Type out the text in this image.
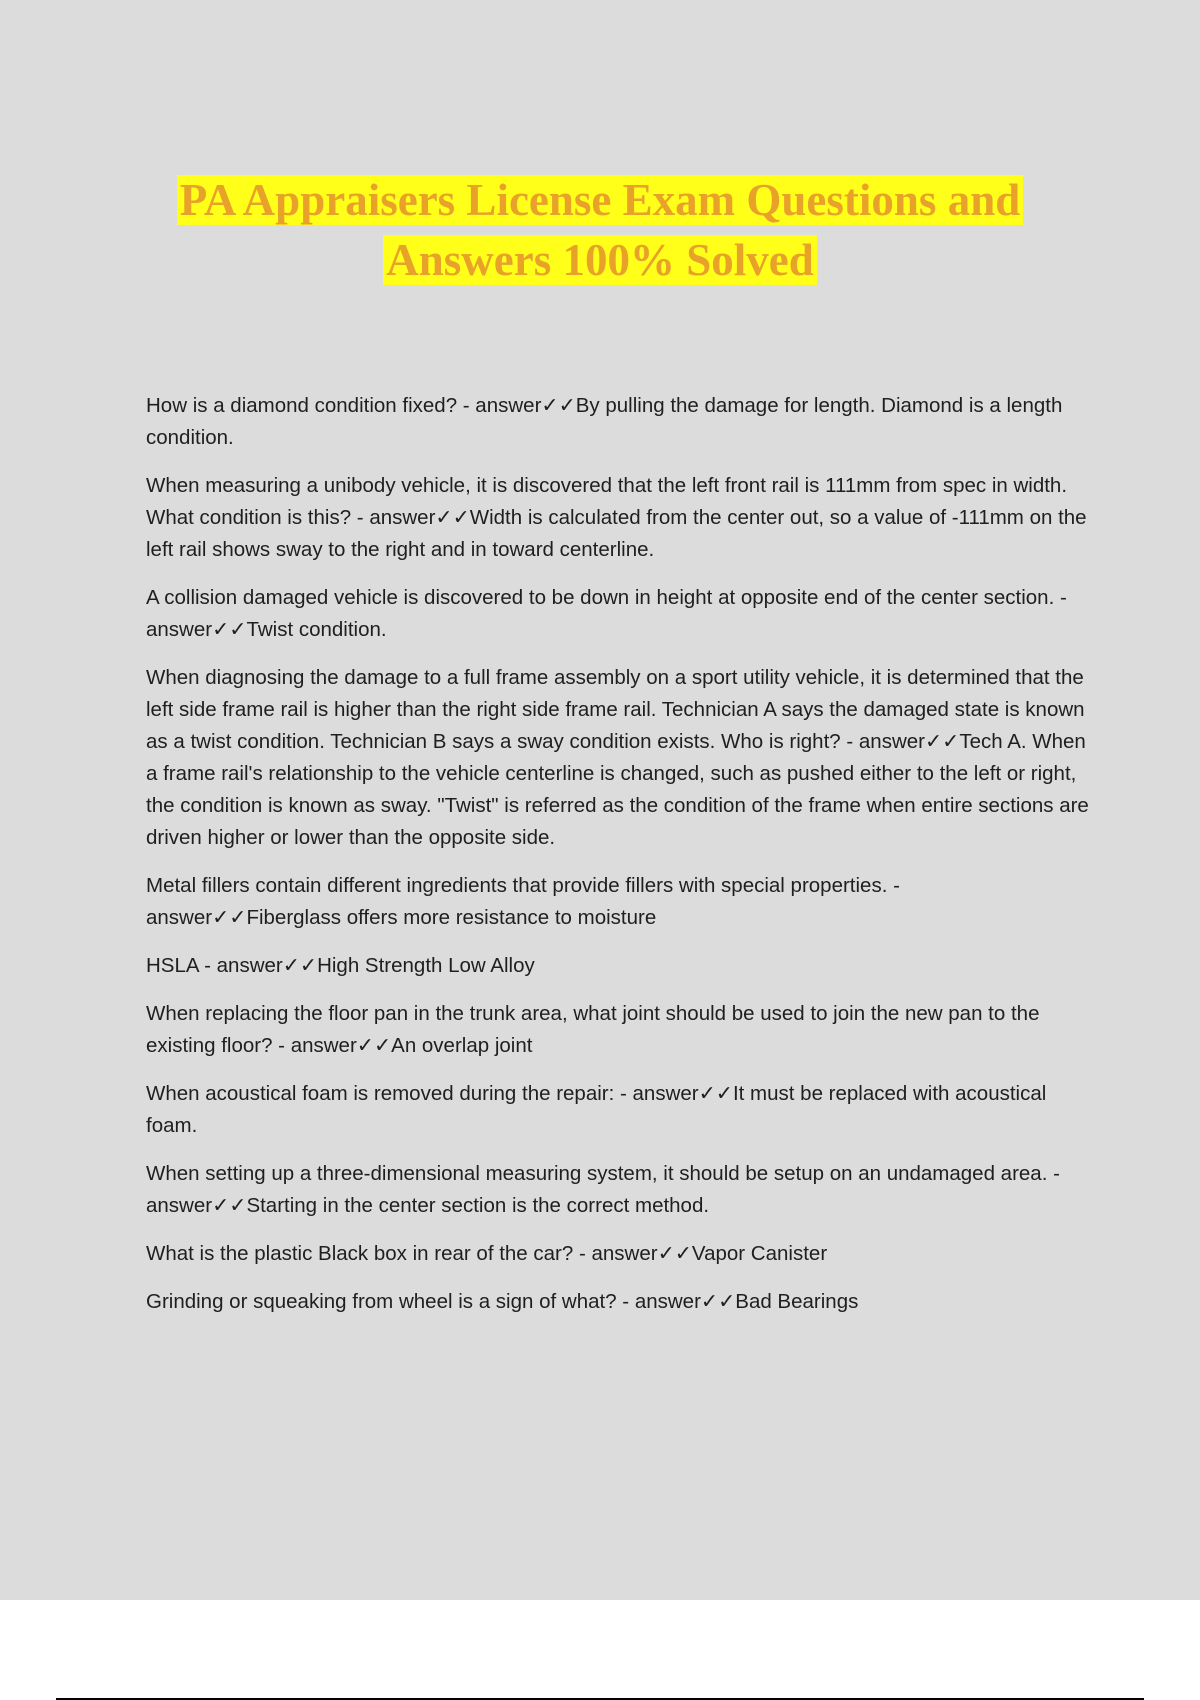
PA Appraisers License Exam Questions and
Answers 100% Solved

How is a diamond condition fixed? - answer✓✓By pulling the damage for length. Diamond is a length condition.

When measuring a unibody vehicle, it is discovered that the left front rail is 111mm from spec in width. What condition is this? - answer✓✓Width is calculated from the center out, so a value of -111mm on the left rail shows sway to the right and in toward centerline.

A collision damaged vehicle is discovered to be down in height at opposite end of the center section. - answer✓✓Twist condition.

When diagnosing the damage to a full frame assembly on a sport utility vehicle, it is determined that the left side frame rail is higher than the right side frame rail. Technician A says the damaged state is known as a twist condition. Technician B says a sway condition exists. Who is right? - answer✓✓Tech A. When a frame rail's relationship to the vehicle centerline is changed, such as pushed either to the left or right, the condition is known as sway. "Twist" is referred as the condition of the frame when entire sections are driven higher or lower than the opposite side.

Metal fillers contain different ingredients that provide fillers with special properties. - answer✓✓Fiberglass offers more resistance to moisture

HSLA - answer✓✓High Strength Low Alloy

When replacing the floor pan in the trunk area, what joint should be used to join the new pan to the existing floor? - answer✓✓An overlap joint

When acoustical foam is removed during the repair: - answer✓✓It must be replaced with acoustical foam.

When setting up a three-dimensional measuring system, it should be setup on an undamaged area. - answer✓✓Starting in the center section is the correct method.

What is the plastic Black box in rear of the car? - answer✓✓Vapor Canister

Grinding or squeaking from wheel is a sign of what? - answer✓✓Bad Bearings
